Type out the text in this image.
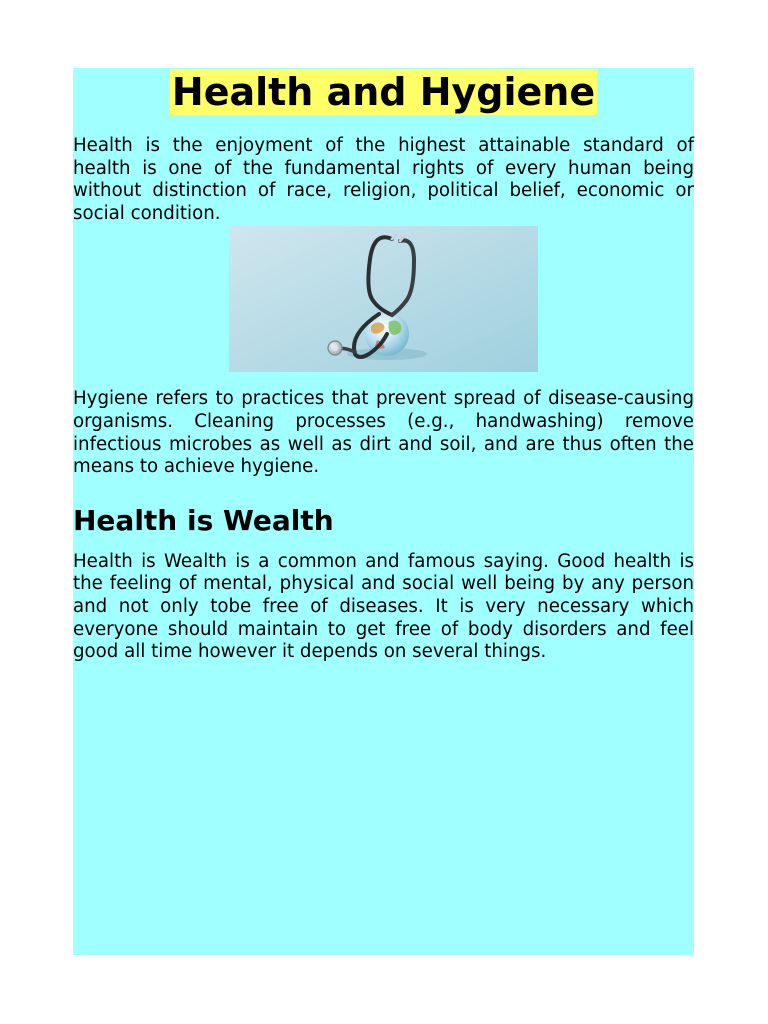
Health and Hygiene

Health is the enjoyment of the highest attainable standard of health is one of the fundamental rights of every human being without distinction of race, religion, political belief, economic or social condition.

Hygiene refers to practices that prevent spread of disease-causing organisms. Cleaning processes (e.g., handwashing) remove infectious microbes as well as dirt and soil, and are thus often the means to achieve hygiene.

Health is Wealth

Health is Wealth is a common and famous saying. Good health is the feeling of mental, physical and social well being by any person and not only tobe free of diseases. It is very necessary which everyone should maintain to get free of body disorders and feel good all time however it depends on several things.
